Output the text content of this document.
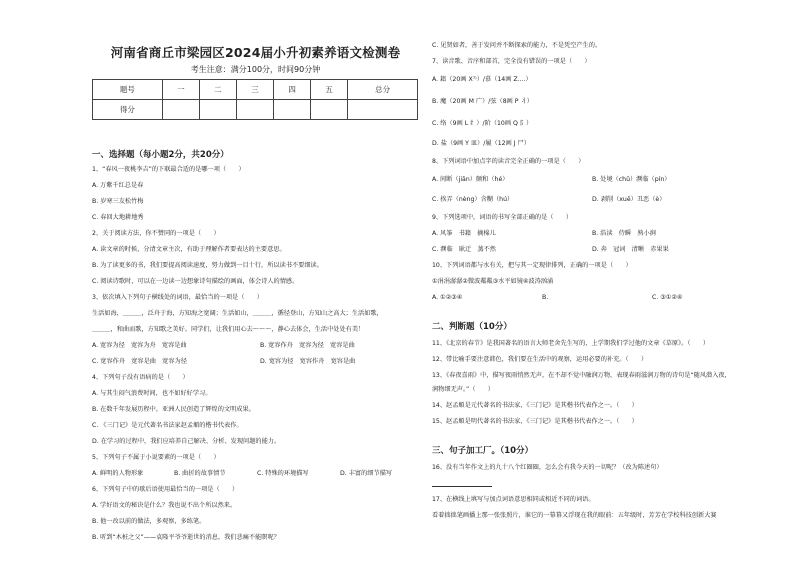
河南省商丘市梁园区2024届小升初素养语文检测卷
考生注意：满分100分，时间90分钟
题号	一	二	三	四	五	总分
得分						
一、选择题（每小题2分，共20分）
1、“春风一夜桃李吉”的下联最合适的是哪一项（　　）
A. 万紫千红总是春
B. 岁寒三友松竹梅
C. 春回大地耕地秀
2、关于阅读方法，你不赞同的一项是（　　）
A. 读文章的时候，分清文章主次，有助于理解作者要表达的主要意思。
B. 为了读更多的书，我们要提高阅读速度，努力做到一目十行，所以读书不要细读。
C. 阅读诗歌时，可以在一边读一边想象诗句描绘的画面，体会诗人的情感。
3、依次填入下列句子横线处的词语，最恰当的一项是（　　）
生活如海，＿＿＿，泛舟于海，方知海之宽阔；生活如山，＿＿＿，循径登山，方知山之高大；生活如歌，
＿＿＿，和曲而歌，方知歌之美好。同学们，让我们用心去～～～，静心去体会，生活中处处有美！
A. 宽容为径　宽容为舟　宽容是曲	B. 宽容作舟　宽容为径　宽容是曲
C. 宽容作舟　宽容是曲　宽容为径	D. 宽容为径　宽容作舟　宽容是曲
4、下列句子没有语病的是（　　）
A. 与其生闷气浪费时间，也不如好好学习。
B. 在数千年发展历程中，亚洲人民创造了辉煌的文明成果。
C. 《三门记》是元代著名书法家赵孟頫的楷书代表作。
D. 在学习的过程中，我们应培养自己解决、分析、发现问题的能力。
5、下列句子不属于小说要素的一项是（　　）
A. 鲜明的人物形象	B. 曲折的故事情节	C. 特殊的环境描写	D. 丰富的细节描写
6、下列句子中的歇后语使用最恰当的一项是（　　）
A. 学好语文的秘诀是什么？我也说不出个所以然来。
B. 他一改以前的做法，多观察，多练笔。
B. 听到“木桩之父”——袁隆平爷爷逝世的消息，我们悲痛不能瞑呢？
C. 见贤如者，善于发问并不断探索的能力，不是凭空产生的。
7、读音歌、音序和部首，完全没有错误的一项是（　　）
A. 籍（20画 X⁷⁾）/慕（14画 Z....）
B. 魔（20画 M 广）/弦（8画 P 丬）
C. 络（9画 L 纟）/阶（10画 Q 阝）
D. 盐（9画 Y 皿）/履（12画 J 尸）
8、下列词语中加点字的读音完全正确的一项是（　　）
A. 间断（jiān）颇和（hé）	B. 处境（chǔ）濒临（pín）
C. 挨弄（nèng）含糊（hú）	D. 剥削（xuē）丑恶（è）
9、下列选项中，词语的书写全部正确的是（　　）
A. 风筝　书籍　摘棉儿	B. 浩渎　侍瞬　熟小涧
C. 濒临　耿迁　蒸不然	D. 奔　冠词　清晰　赤果果
10、下列词语都与水有关，把与其一定现律排列，正确的一项是（　　）
①涓涓潺潺②微波粼粼③水平如镜④波涛汹涌
A. ①②③④	B.	C. ③①②④
二、判断题（10分）
11、《北京的春节》是我国著名的语言大师老舍先生写的，上学期我们学过他的文章《草原》。（　　）
12、带比喻手要注意韩色，我们要在生活中的观察，运用必要的补充。（　　）
13、《春夜喜雨》中，描写夜雨悄然无声，在不却不觉中融润万物，表现春雨滋润万物的诗句是“随风潜入夜，
润物细无声。”（　　）
14、赵孟頫是元代著名的书法家，《三门记》是其楷书代表作之一。（　　）
15、赵孟頫是明代著名的书法家，《三门记》是其楷书代表作之一。（　　）
三、句子加工厂。（10分）
16、没有当年作文上的九十八个红圈圈，怎么会有我今天的一切呢？（改为陈述句）
17、在横线上填写与加点词语意思相同或相近不同的词语。
看着拙拙笔画播上那一张张照片，谁它的一幕幕又浮现在我的眼前：五年级时，芳芳在学校科技创新大赛
